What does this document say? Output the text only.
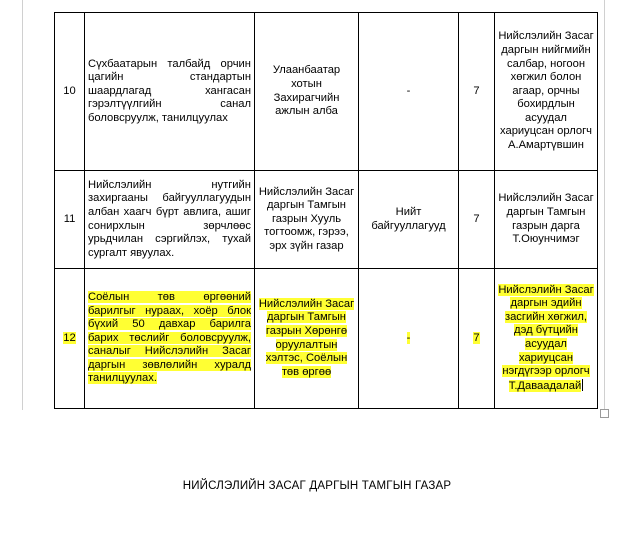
10	Сүхбаатарын талбайд орчин цагийн стандартын шаардлагад хангасан гэрэлтүүлгийн санал боловсруулж, танилцуулах	Улаанбаатар хотын Захирагчийн ажлын алба	-	7	Нийслэлийн Засаг даргын нийгмийн салбар, ногоон хөгжил болон агаар, орчны бохирдлын асуудал хариуцсан орлогч А.Амартүвшин
11	Нийслэлийн нутгийн захиргааны байгууллагуудын албан хаагч бүрт авлига, ашиг сонирхлын зөрчлөөс урьдчилан сэргийлэх, тухай сургалт явуулах.	Нийслэлийн Засаг даргын Тамгын газрын Хууль тогтоомж, гэрээ, эрх зүйн газар	Нийт байгууллагууд	7	Нийслэлийн Засаг даргын Тамгын газрын дарга Т.Оюунчимэг
12	Соёлын төв өргөөний барилгыг нураах, хоёр блок бүхий 50 давхар барилга барих төслийг боловсруулж, саналыг Нийслэлийн Засаг даргын зөвлөлийн хуралд танилцуулах.	Нийслэлийн Засаг даргын Тамгын газрын Хөрөнгө оруулалтын хэлтэс, Соёлын төв өргөө	-	7	Нийслэлийн Засаг даргын эдийн засгийн хөгжил, дэд бүтцийн асуудал хариуцсан нэгдүгээр орлогч Т.Даваадалай
НИЙСЛЭЛИЙН ЗАСАГ ДАРГЫН ТАМГЫН ГАЗАР
